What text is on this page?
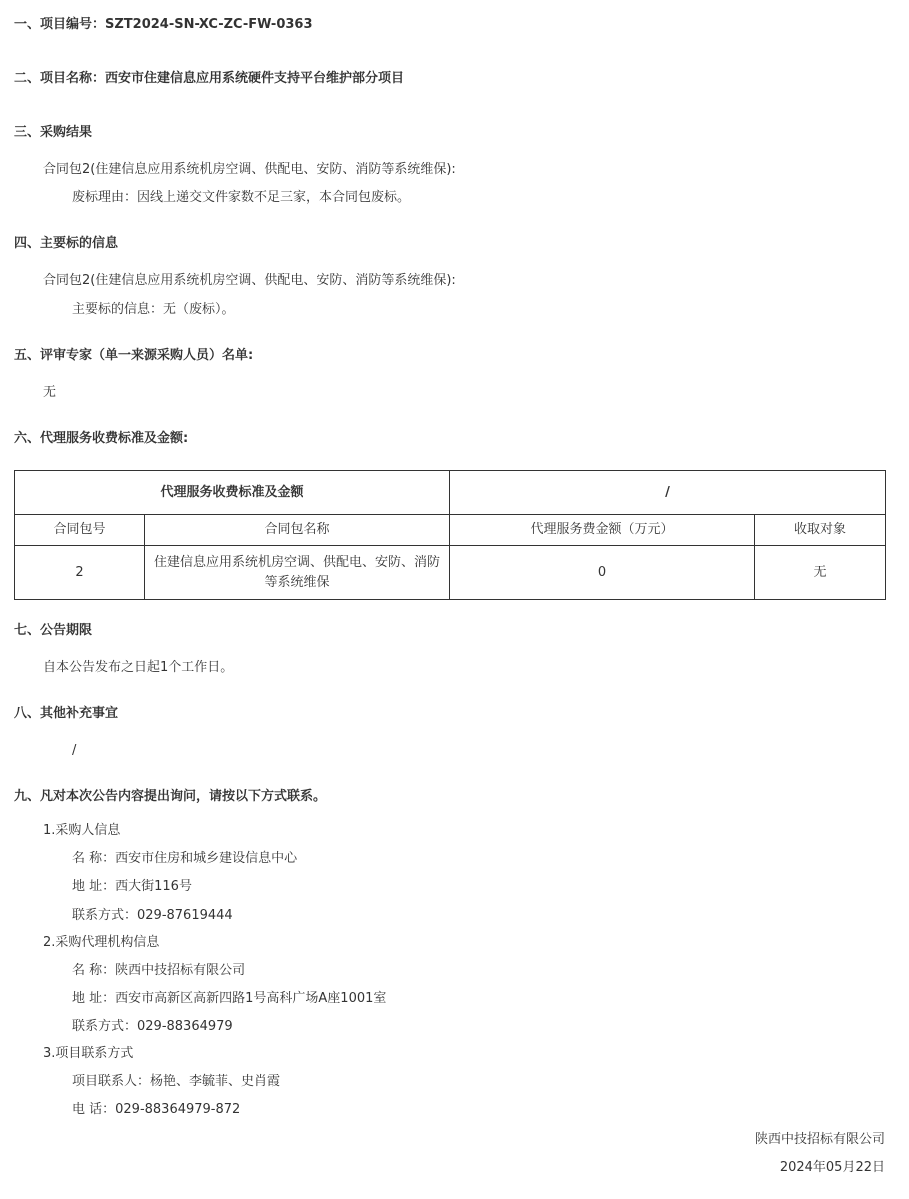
一、项目编号：SZT2024-SN-XC-ZC-FW-0363
二、项目名称：西安市住建信息应用系统硬件支持平台维护部分项目
三、采购结果
合同包2(住建信息应用系统机房空调、供配电、安防、消防等系统维保):
废标理由：因线上递交文件家数不足三家，本合同包废标。
四、主要标的信息
合同包2(住建信息应用系统机房空调、供配电、安防、消防等系统维保):
主要标的信息：无（废标）。
五、评审专家（单一来源采购人员）名单:
无
六、代理服务收费标准及金额:
代理服务收费标准及金额		/	
合同包号	合同包名称	代理服务费金额（万元）	收取对象
2	住建信息应用系统机房空调、供配电、安防、消防等系统维保	0	无
七、公告期限
自本公告发布之日起1个工作日。
八、其他补充事宜
/
九、凡对本次公告内容提出询问，请按以下方式联系。
1.采购人信息
名 称：西安市住房和城乡建设信息中心
地 址：西大街116号
联系方式：029-87619444
2.采购代理机构信息
名 称：陕西中技招标有限公司
地 址：西安市高新区高新四路1号高科广场A座1001室
联系方式：029-88364979
3.项目联系方式
项目联系人：杨艳、李毓菲、史肖霞
电 话：029-88364979-872
陕西中技招标有限公司
2024年05月22日
